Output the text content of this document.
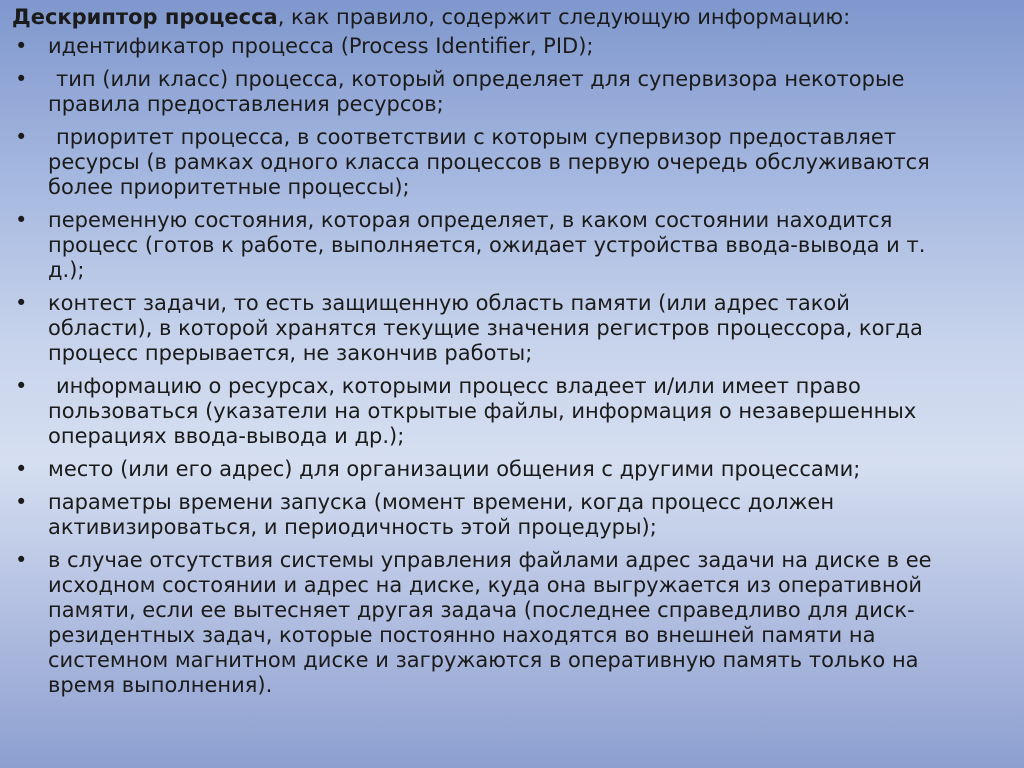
Дескриптор процесса, как правило, содержит следующую информацию:
• идентификатор процесса (Process Identifier, PID);
•	тип (или класс) процесса, который определяет для супервизора некоторые
правила предоставления ресурсов;
•	приоритет процесса, в соответствии с которым супервизор предоставляет
ресурсы (в рамках одного класса процессов в первую очередь обслуживаются
более приоритетные процессы);
• переменную состояния, которая определяет, в каком состоянии находится
процесс (готов к работе, выполняется, ожидает устройства ввода-вывода и т.
д.);
• контест задачи, то есть защищенную область памяти (или адрес такой
области), в которой хранятся текущие значения регистров процессора, когда
процесс прерывается, не закончив работы;
•	информацию о ресурсах, которыми процесс владеет и/или имеет право
пользоваться (указатели на открытые файлы, информация о незавершенных
операциях ввода-вывода и др.);
• место (или его адрес) для организации общения с другими процессами;
• параметры времени запуска (момент времени, когда процесс должен
активизироваться, и периодичность этой процедуры);
• в случае отсутствия системы управления файлами адрес задачи на диске в ее
исходном состоянии и адрес на диске, куда она выгружается из оперативной
памяти, если ее вытесняет другая задача (последнее справедливо для диск-
резидентных задач, которые постоянно находятся во внешней памяти на
системном магнитном диске и загружаются в оперативную память только на
время выполнения).
